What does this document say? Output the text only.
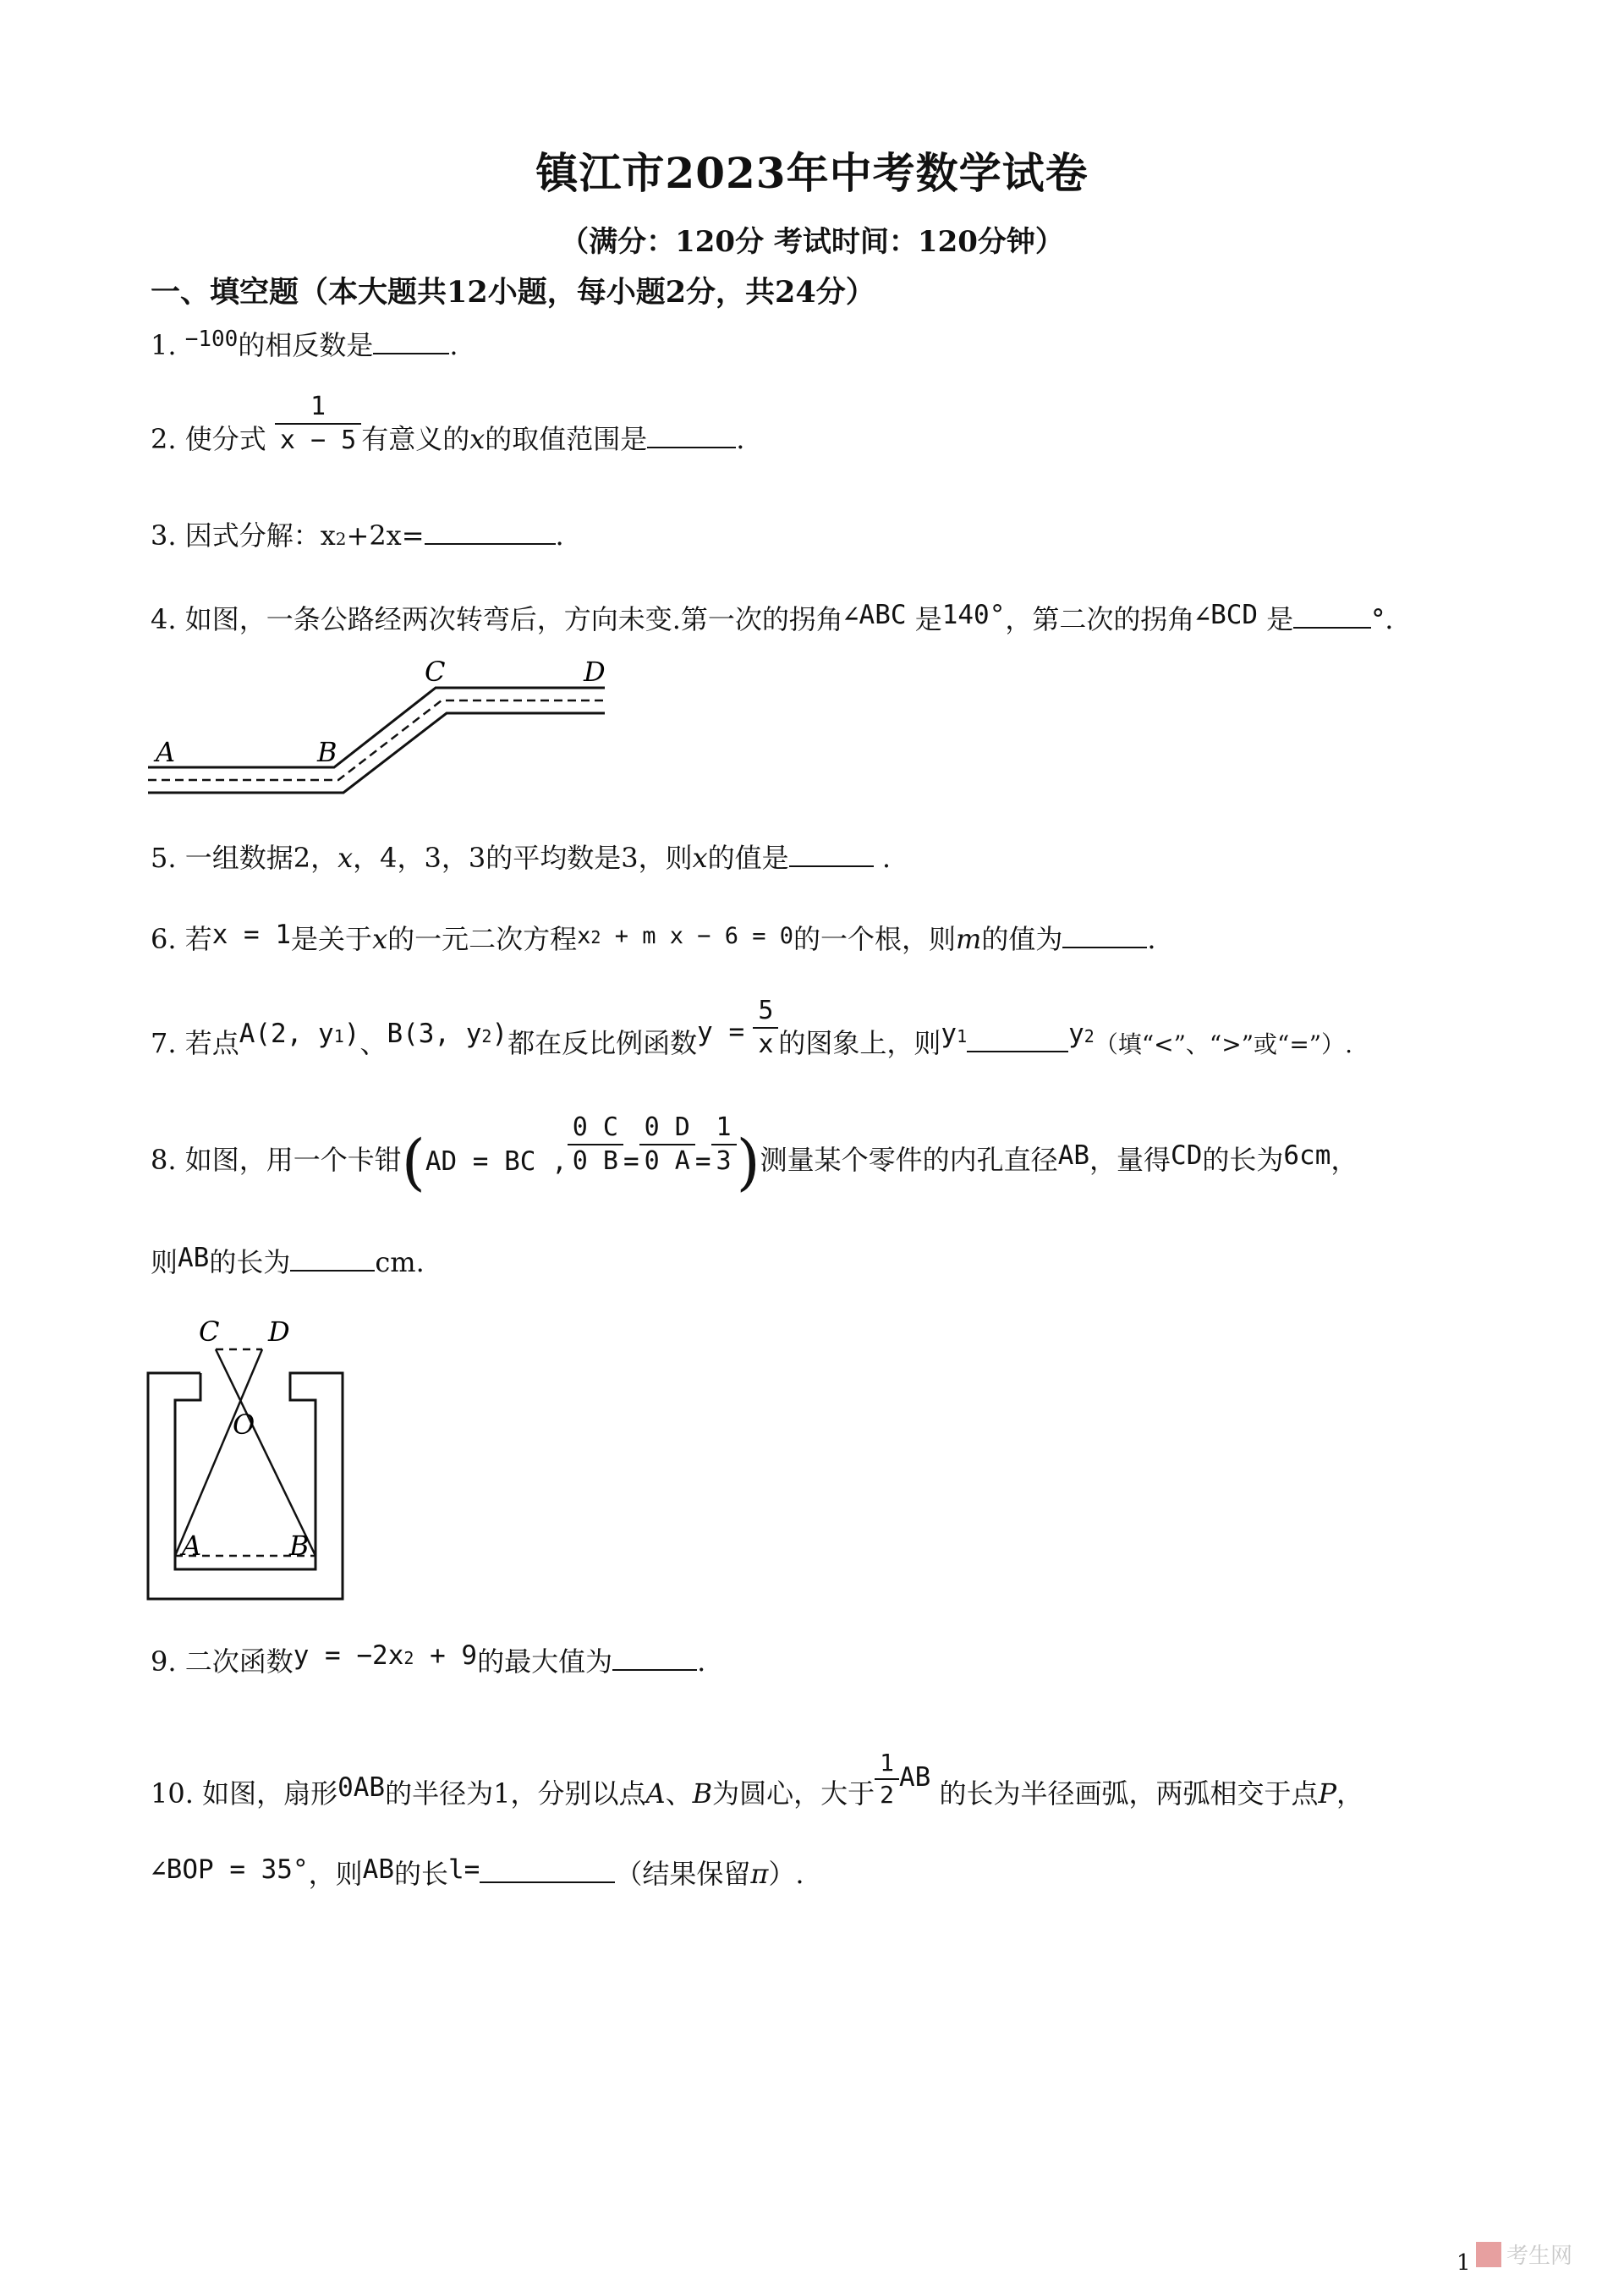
镇江市2023年中考数学试卷
（满分：120分 考试时间：120分钟）
一、填空题（本大题共12小题，每小题2分，共24分）
1. $^{-100}$的相反数是	.
2. 使分式 $\frac{1}{x - 5}$ 有意义的x的取值范围是	.
3. 因式分解：x2+2x=	.
4. 如图，一条公路经两次转弯后，方向未变.第一次的拐角∠ABC 是140°，第二次的拐角∠BCD 是	°.
A	B
C	D
5. 一组数据2，x，4，3，3的平均数是3，则x的值是	.
6. 若x = 1是关于x的一元二次方程x2 + m x − 6 = 0的一个根，则m的值为	.
7. 若点A(2, y1)、B(3, y2)都在反比例函数$y = \frac{5}{x}$ 的图象上，则y1	y2（填“<”、“>”或“=”）.
8. 如图，用一个卡钳(AD = BC , $\frac{0 C}{0 B} = \frac{0 D}{0 A} = \frac{1}{3}$ )测量某个零件的内孔直径AB，量得CD的长为6cm，
则AB的长为	cm.
C D
O
A	B
9. 二次函数y = −2x2 + 9的最大值为	.
10. 如图，扇形0AB的半径为1，分别以点A、B为圆心，大于 $\frac{1}{2}$ AB 的长为半径画弧，两弧相交于点P，
∠BOP = 35°，则AB的长l=	（结果保留π）.
1	考生网
